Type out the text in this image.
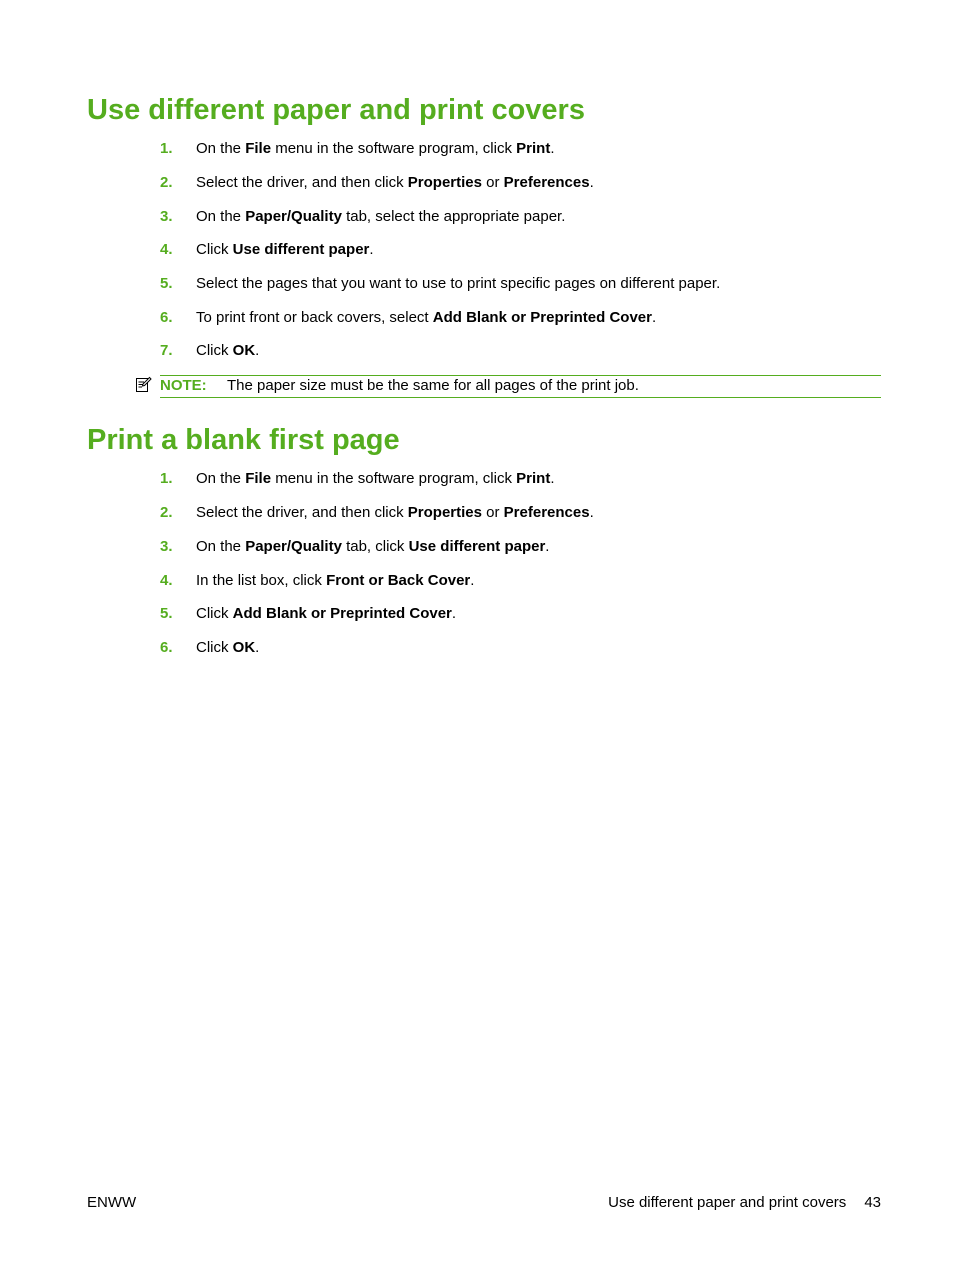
Use different paper and print covers
1. On the File menu in the software program, click Print.
2. Select the driver, and then click Properties or Preferences.
3. On the Paper/Quality tab, select the appropriate paper.
4. Click Use different paper.
5. Select the pages that you want to use to print specific pages on different paper.
6. To print front or back covers, select Add Blank or Preprinted Cover.
7. Click OK.
NOTE: The paper size must be the same for all pages of the print job.
Print a blank first page
1. On the File menu in the software program, click Print.
2. Select the driver, and then click Properties or Preferences.
3. On the Paper/Quality tab, click Use different paper.
4. In the list box, click Front or Back Cover.
5. Click Add Blank or Preprinted Cover.
6. Click OK.
ENWW	Use different paper and print covers 43
